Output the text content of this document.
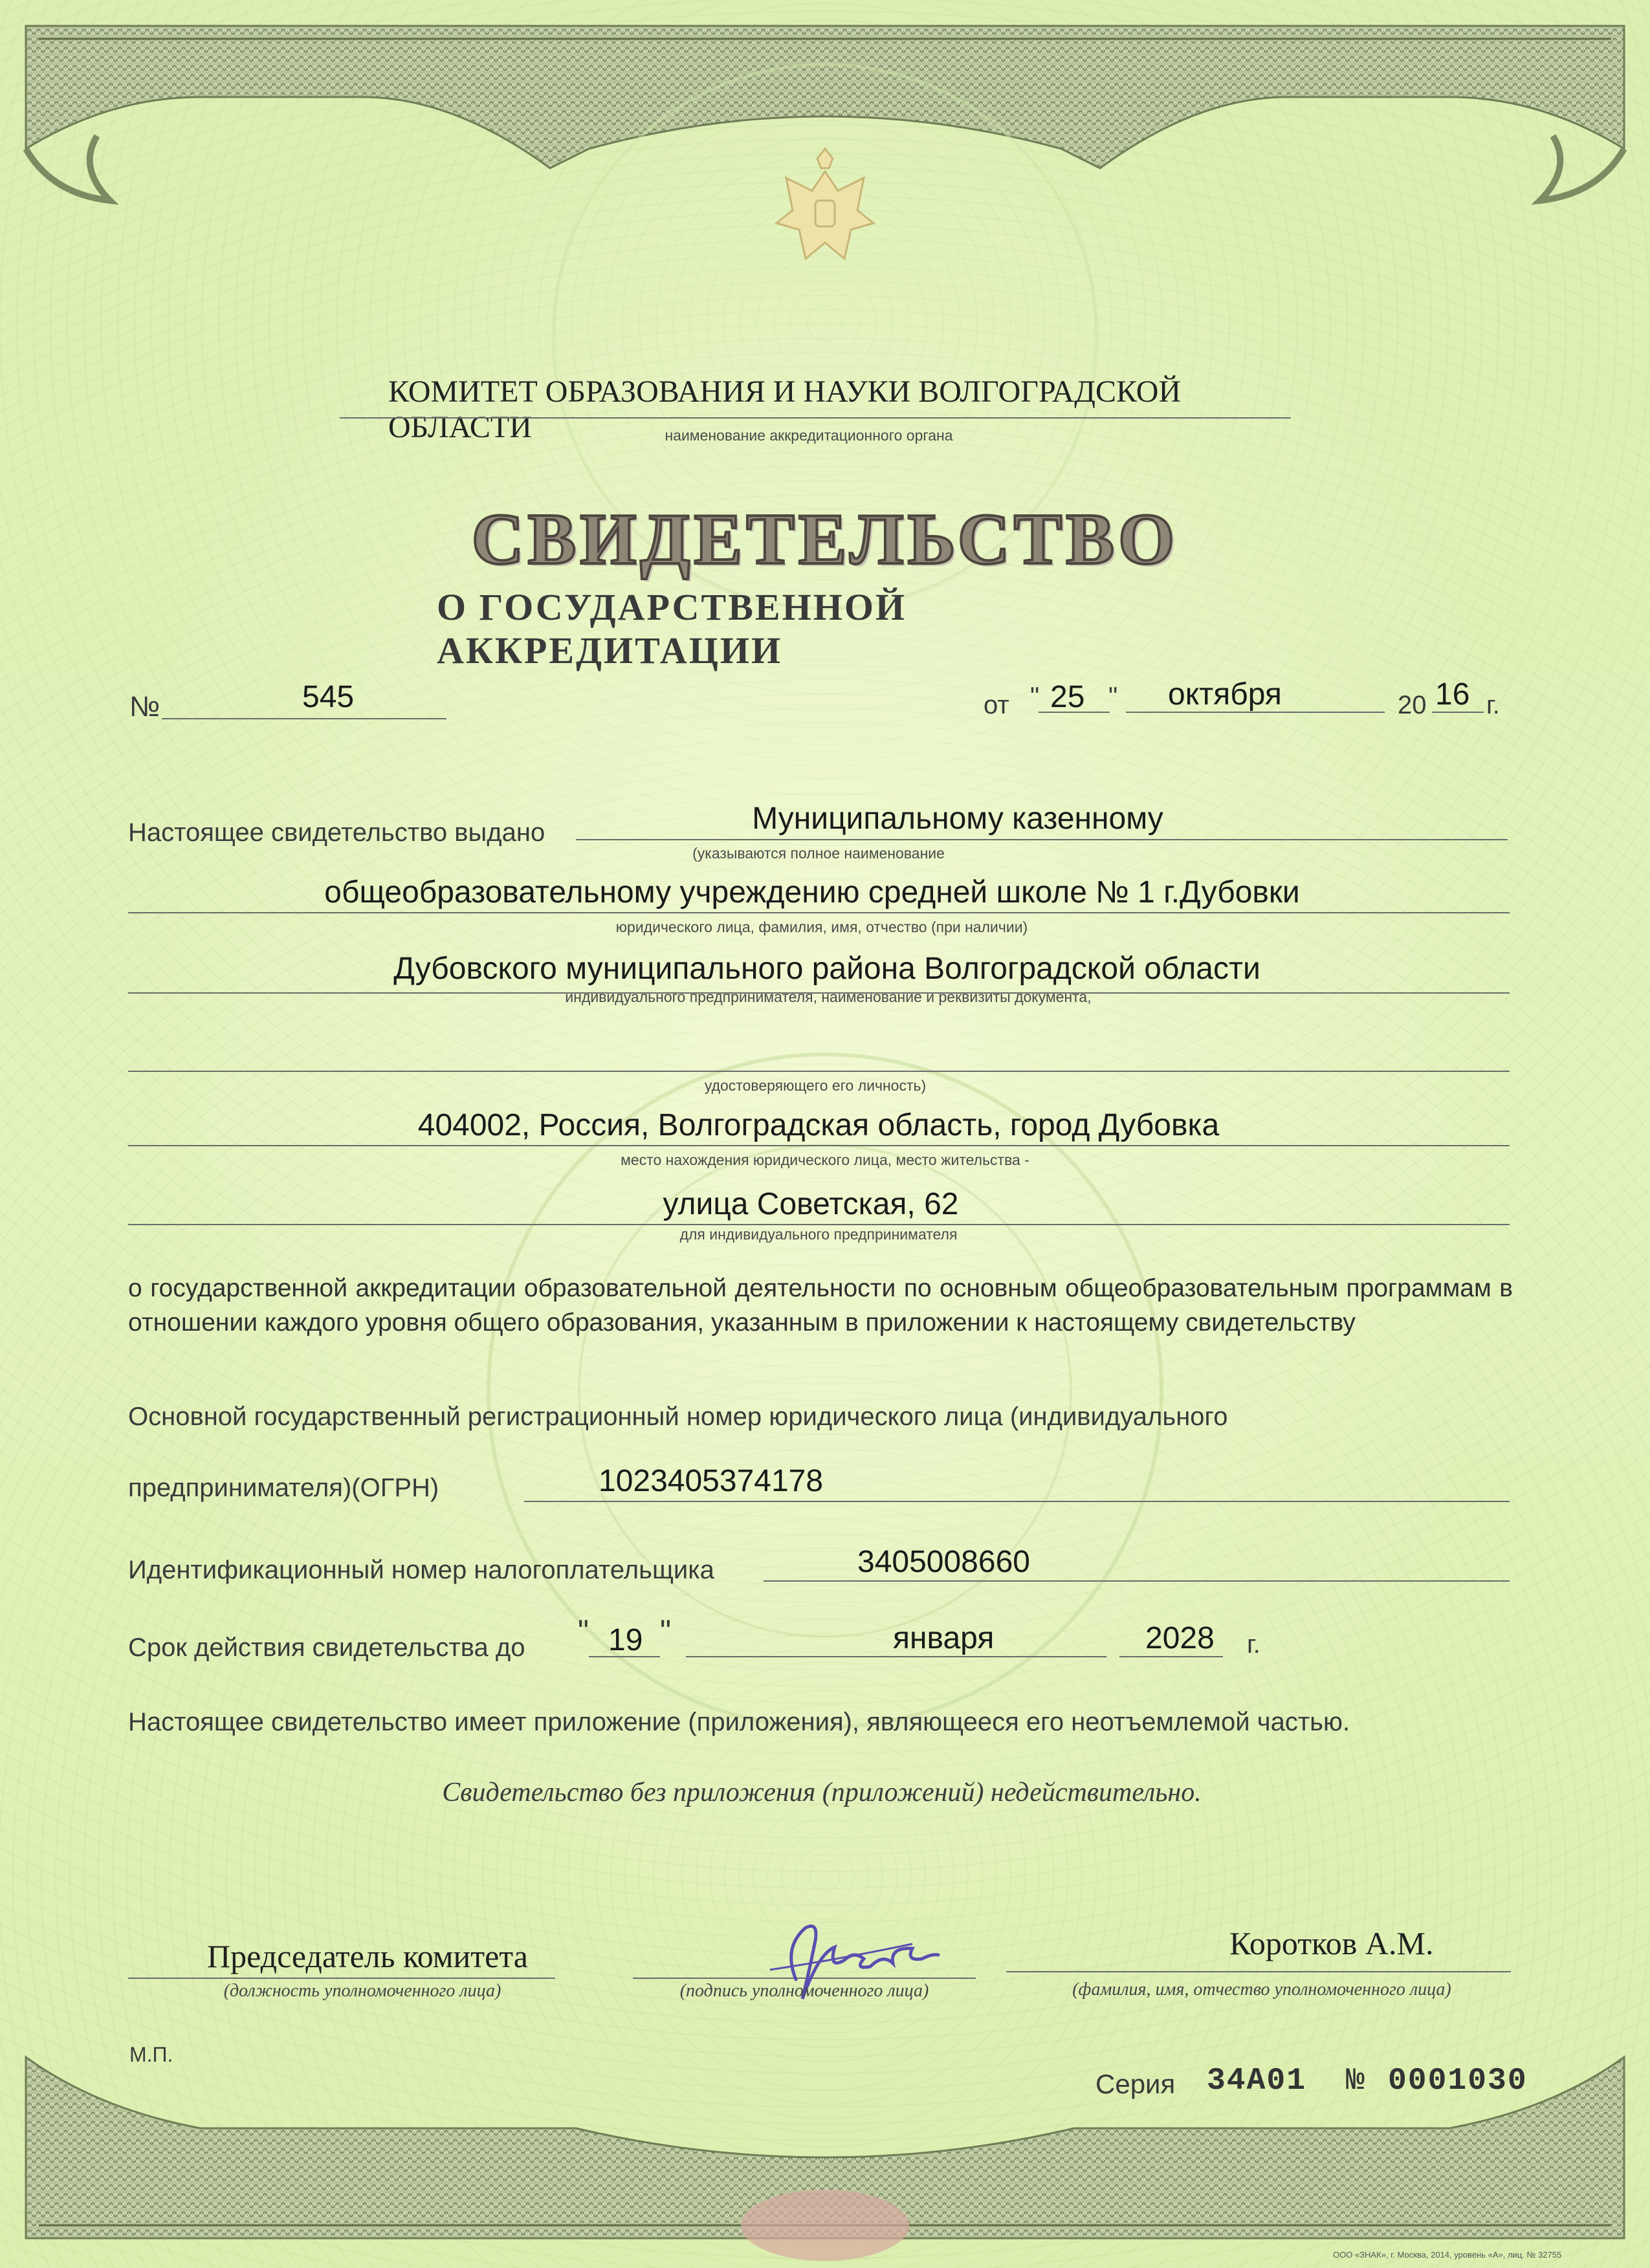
КОМИТЕТ ОБРАЗОВАНИЯ И НАУКИ ВОЛГОГРАДСКОЙ ОБЛАСТИ	наименование аккредитационного органа
СВИДЕТЕЛЬСТВО
О ГОСУДАРСТВЕННОЙ АККРЕДИТАЦИИ
№	545	от " 25 " октября	20 16 г.
Настоящее свидетельство выдано	Муниципальному казенному
(указываются полное наименование
общеобразовательному учреждению средней школе № 1 г.Дубовки
юридического лица, фамилия, имя, отчество (при наличии)
Дубовского муниципального района Волгоградской области
индивидуального предпринимателя, наименование и реквизиты документа,
удостоверяющего его личность)
404002, Россия, Волгоградская область, город Дубовка
место нахождения юридического лица, место жительства -
улица Советская, 62
для индивидуального предпринимателя
о государственной аккредитации образовательной деятельности по основным общеобразовательным программам в отношении каждого уровня общего образования, указанным в приложении к настоящему свидетельству
Основной государственный регистрационный номер юридического лица (индивидуального
предпринимателя)(ОГРН)	1023405374178
Идентификационный номер налогоплательщика	3405008660
Срок действия свидетельства до " 19 "	января	2028 г.
Настоящее свидетельство имеет приложение (приложения), являющееся его неотъемлемой частью.
Свидетельство без приложения (приложений) недействительно.
Председатель комитета
(должность уполномоченного лица)	(подпись уполномоченного лица)
Коротков А.М.
(фамилия, имя, отчество уполномоченного лица)
М.П.
Серия 34А01 № 0001030
ООО «ЗНАК», г. Москва, 2014, уровень «А», лиц. № 32755
